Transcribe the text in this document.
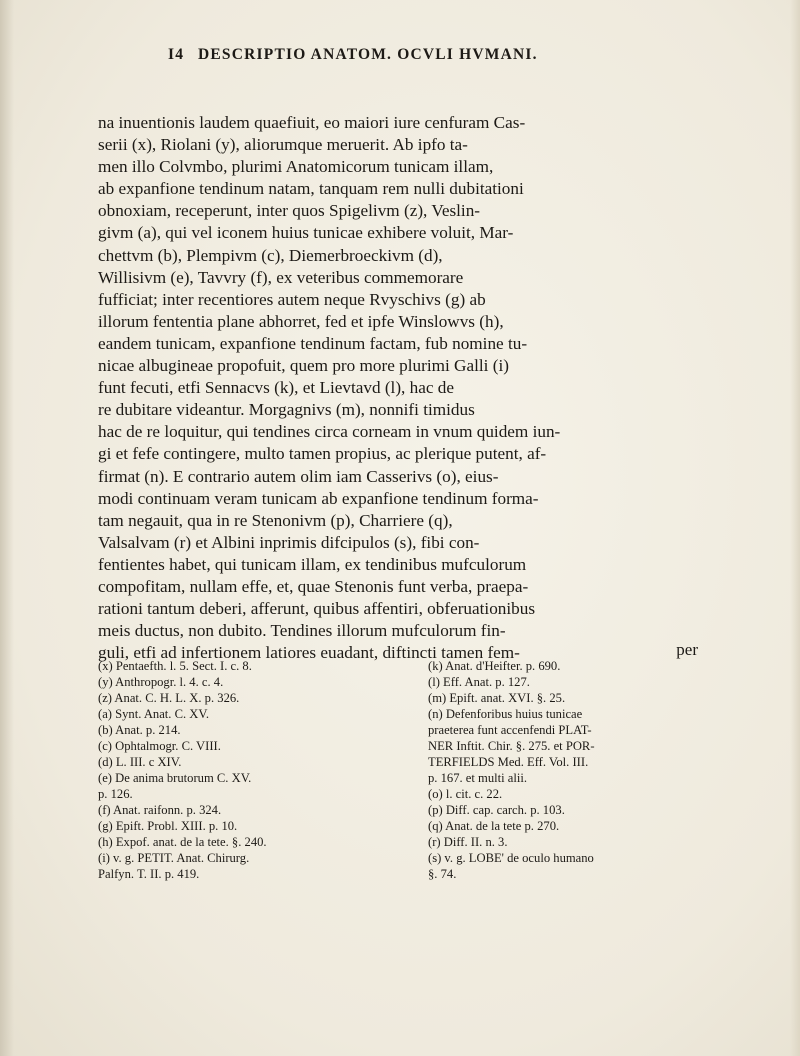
I4 DESCRIPTIO ANATOM. OCVLI HVMANI.
na inuentionis laudem quaefiuit, eo maiori iure cenfuram Cas-
serii (x), Riolani (y), aliorumque meruerit. Ab ipfo ta-
men illo Colvmbo, plurimi Anatomicorum tunicam illam,
ab expanfione tendinum natam, tanquam rem nulli dubitationi
obnoxiam, receperunt, inter quos Spigelivm (z), Veslin-
givm (a), qui vel iconem huius tunicae exhibere voluit, Mar-
chettvm (b), Plempivm (c), Diemerbroeckivm (d),
Willisivm (e), Tavvry (f), ex veteribus commemorare
fufficiat; inter recentiores autem neque Rvyschivs (g) ab
illorum fententia plane abhorret, fed et ipfe Winslowvs (h),
eandem tunicam, expanfione tendinum factam, fub nomine tu-
nicae albugineae propofuit, quem pro more plurimi Galli (i)
funt fecuti, etfi Sennacvs (k), et Lievtavd (l), hac de
re dubitare videantur. Morgagnivs (m), nonnifi timidus
hac de re loquitur, qui tendines circa corneam in vnum quidem iun-
gi et fefe contingere, multo tamen propius, ac plerique putent, af-
firmat (n). E contrario autem olim iam Casserivs (o), eius-
modi continuam veram tunicam ab expanfione tendinum forma-
tam negauit, qua in re Stenonivm (p), Charriere (q),
Valsalvam (r) et Albini inprimis difcipulos (s), fibi con-
fentientes habet, qui tunicam illam, ex tendinibus mufculorum
compofitam, nullam effe, et, quae Stenonis funt verba, praepa-
rationi tantum deberi, afferunt, quibus affentiri, obferuationibus
meis ductus, non dubito. Tendines illorum mufculorum fin-
guli, etfi ad infertionem latiores euadant, diftincti tamen fem-	per
(x) Pentaefth. l. 5. Sect. I. c. 8.
(y) Anthropogr. l. 4. c. 4.
(z) Anat. C. H. L. X. p. 326.
(a) Synt. Anat. C. XV.
(b) Anat. p. 214.
(c) Ophtalmogr. C. VIII.
(d) L. III. c XIV.
(e) De anima brutorum C. XV.
p. 126.
(f) Anat. raifonn. p. 324.
(g) Epift. Probl. XIII. p. 10.
(h) Expof. anat. de la tete. §. 240.
(i) v. g. PETIT. Anat. Chirurg.
Palfyn. T. II. p. 419.
(k) Anat. d'Heifter. p. 690.
(l) Eff. Anat. p. 127.
(m) Epift. anat. XVI. §. 25.
(n) Defenforibus huius tunicae
praeterea funt accenfendi PLAT-
NER Inftit. Chir. §. 275. et POR-
TERFIELDS Med. Eff. Vol. III.
p. 167. et multi alii.
(o) l. cit. c. 22.
(p) Diff. cap. carch. p. 103.
(q) Anat. de la tete p. 270.
(r) Diff. II. n. 3.
(s) v. g. LOBE' de oculo humano
§. 74.
